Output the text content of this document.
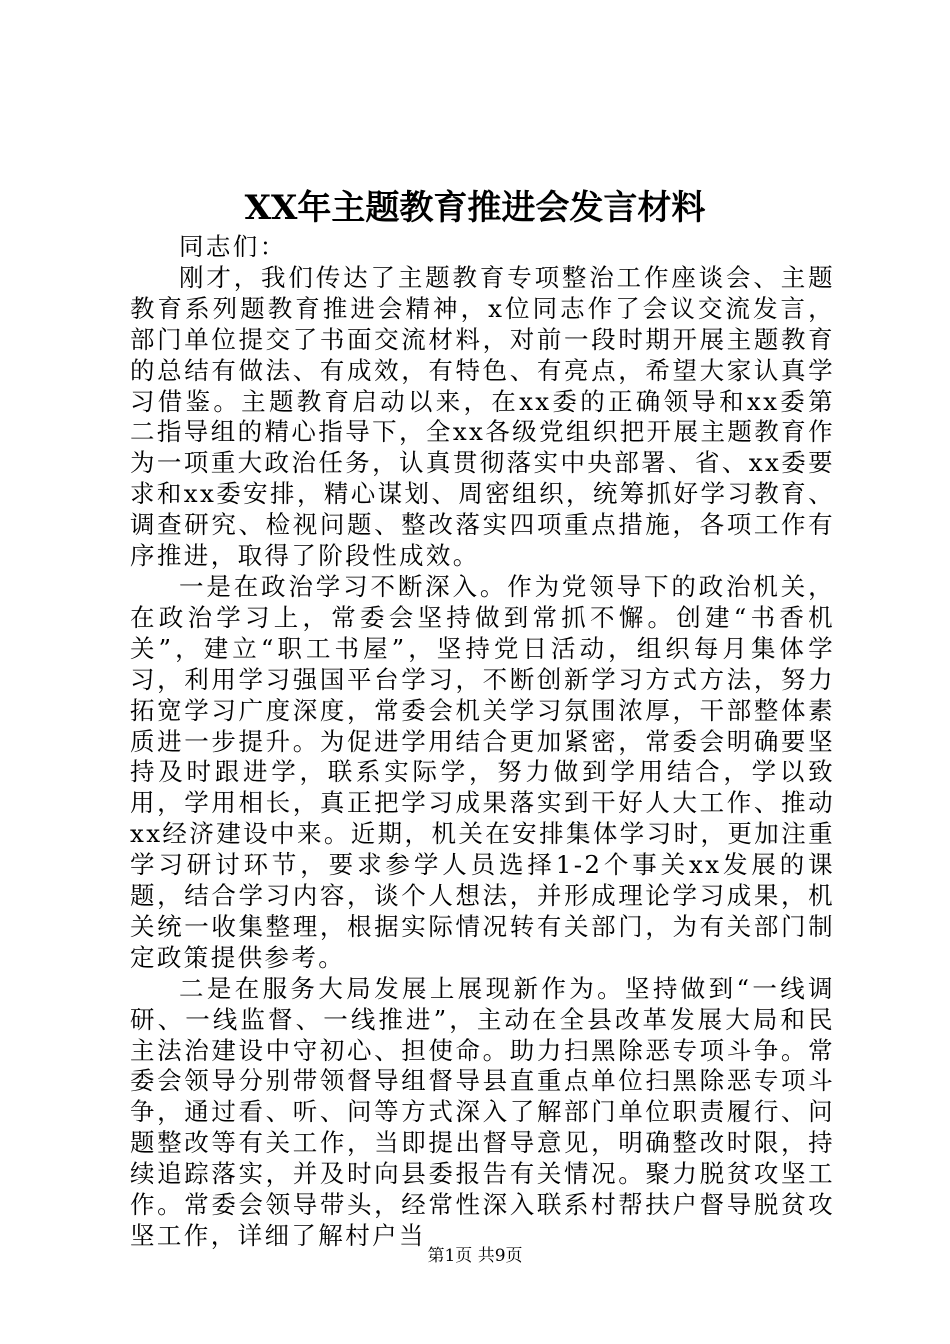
XX年主题教育推进会发言材料

同志们：

刚才，我们传达了主题教育专项整治工作座谈会、主题教育系列题教育推进会精神，x位同志作了会议交流发言，部门单位提交了书面交流材料，对前一段时期开展主题教育的总结有做法、有成效，有特色、有亮点，希望大家认真学习借鉴。主题教育启动以来，在xx委的正确领导和xx委第二指导组的精心指导下，全xx各级党组织把开展主题教育作为一项重大政治任务，认真贯彻落实中央部署、省、xx委要求和xx委安排，精心谋划、周密组织，统筹抓好学习教育、调查研究、检视问题、整改落实四项重点措施，各项工作有序推进，取得了阶段性成效。

一是在政治学习不断深入。作为党领导下的政治机关，在政治学习上，常委会坚持做到常抓不懈。创建“书香机关”，建立“职工书屋”，坚持党日活动，组织每月集体学习，利用学习强国平台学习，不断创新学习方式方法，努力拓宽学习广度深度，常委会机关学习氛围浓厚，干部整体素质进一步提升。为促进学用结合更加紧密，常委会明确要坚持及时跟进学，联系实际学，努力做到学用结合，学以致用，学用相长，真正把学习成果落实到干好人大工作、推动xx经济建设中来。近期，机关在安排集体学习时，更加注重学习研讨环节，要求参学人员选择1-2个事关xx发展的课题，结合学习内容，谈个人想法，并形成理论学习成果，机关统一收集整理，根据实际情况转有关部门，为有关部门制定政策提供参考。

二是在服务大局发展上展现新作为。坚持做到“一线调研、一线监督、一线推进”，主动在全县改革发展大局和民主法治建设中守初心、担使命。助力扫黑除恶专项斗争。常委会领导分别带领督导组督导县直重点单位扫黑除恶专项斗争，通过看、听、问等方式深入了解部门单位职责履行、问题整改等有关工作，当即提出督导意见，明确整改时限，持续追踪落实，并及时向县委报告有关情况。聚力脱贫攻坚工作。常委会领导带头，经常性深入联系村帮扶户督导脱贫攻坚工作，详细了解村户当

第1页 共9页
